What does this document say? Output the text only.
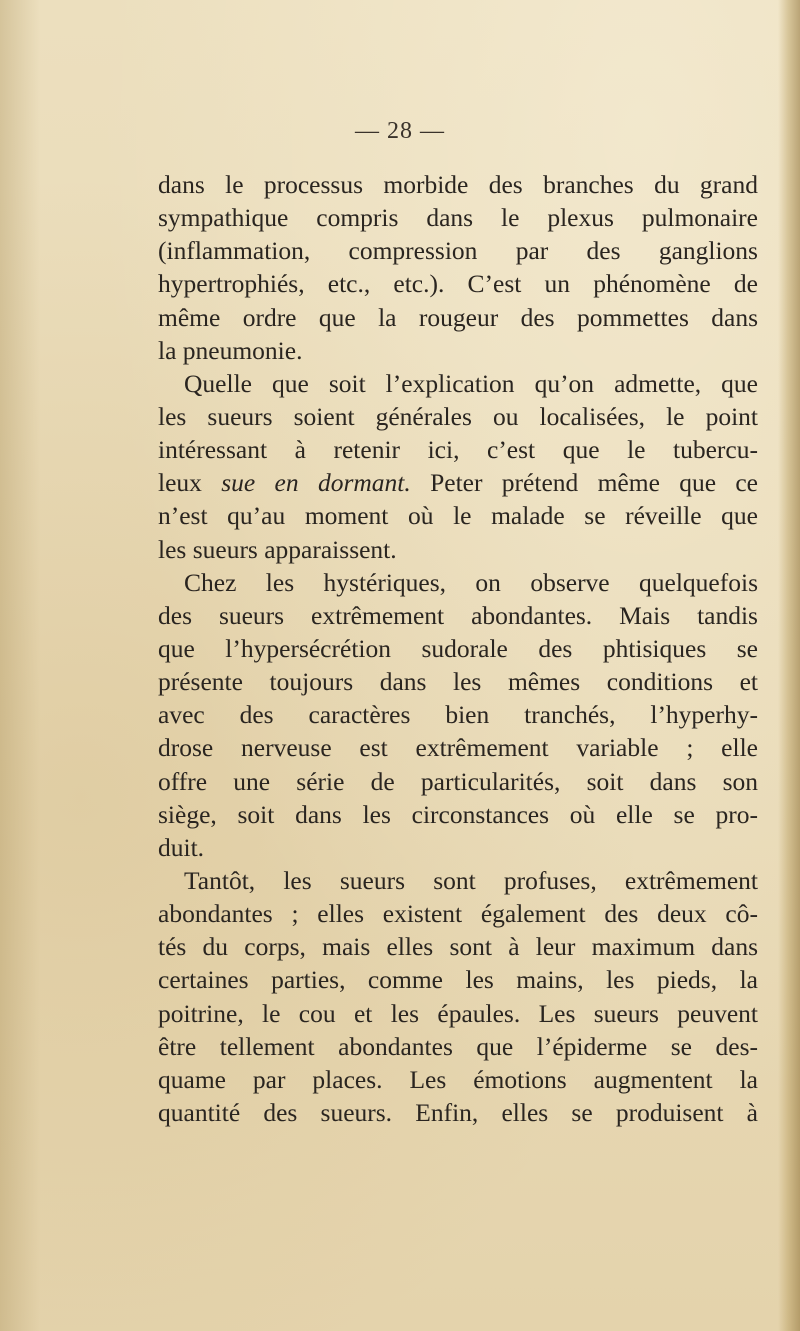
— 28 —
dans le processus morbide des branches du grand
sympathique compris dans le plexus pulmonaire
(inflammation, compression par des ganglions
hypertrophiés, etc., etc.). C’est un phénomène de
même ordre que la rougeur des pommettes dans
la pneumonie.
Quelle que soit l’explication qu’on admette, que
les sueurs soient générales ou localisées, le point
intéressant à retenir ici, c’est que le tubercu-
leux sue en dormant. Peter prétend même que ce
n’est qu’au moment où le malade se réveille que
les sueurs apparaissent.
Chez les hystériques, on observe quelquefois
des sueurs extrêmement abondantes. Mais tandis
que l’hypersécrétion sudorale des phtisiques se
présente toujours dans les mêmes conditions et
avec des caractères bien tranchés, l’hyperhy-
drose nerveuse est extrêmement variable ; elle
offre une série de particularités, soit dans son
siège, soit dans les circonstances où elle se pro-
duit.
Tantôt, les sueurs sont profuses, extrêmement
abondantes ; elles existent également des deux cô-
tés du corps, mais elles sont à leur maximum dans
certaines parties, comme les mains, les pieds, la
poitrine, le cou et les épaules. Les sueurs peuvent
être tellement abondantes que l’épiderme se des-
quame par places. Les émotions augmentent la
quantité des sueurs. Enfin, elles se produisent à
